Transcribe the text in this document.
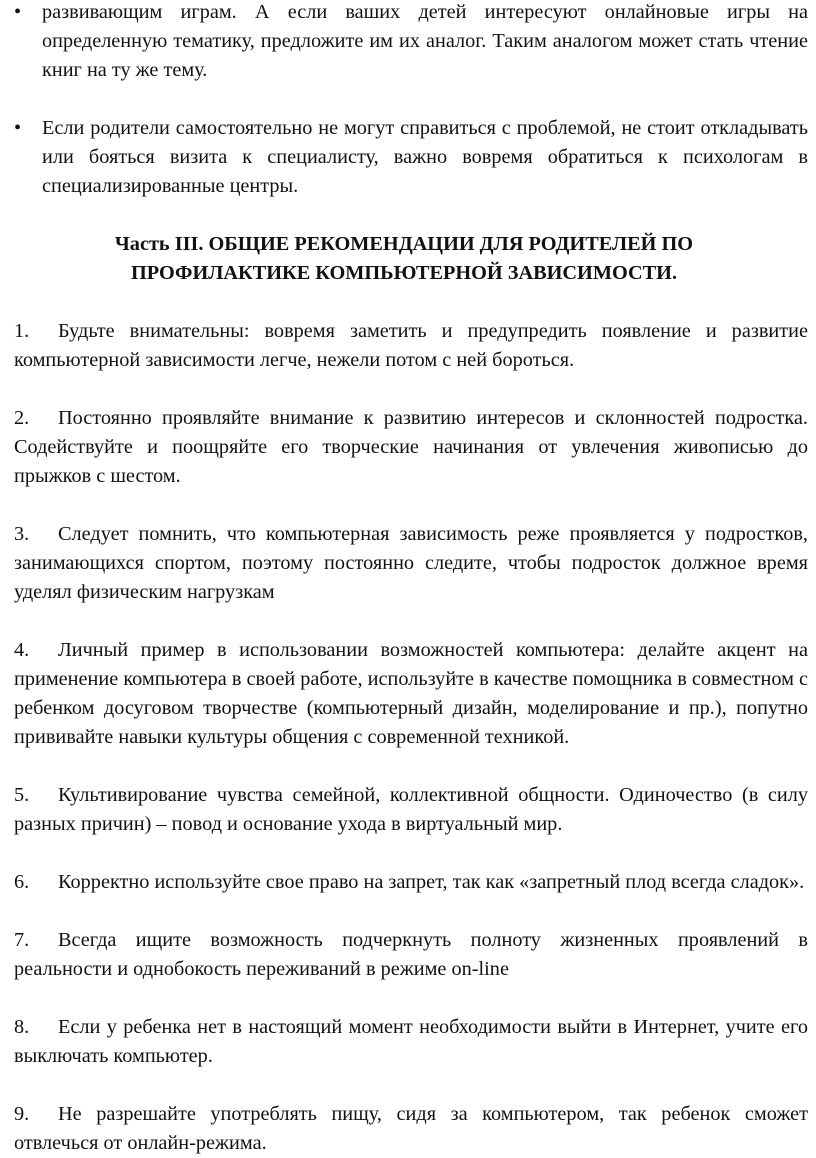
• развивающим играм. А если ваших детей интересуют онлайновые игры на определенную тематику, предложите им их аналог. Таким аналогом может стать чтение книг на ту же тему.
• Если родители самостоятельно не могут справиться с проблемой, не стоит откладывать или бояться визита к специалисту, важно вовремя обратиться к психологам в специализированные центры.
Часть III. ОБЩИЕ РЕКОМЕНДАЦИИ ДЛЯ РОДИТЕЛЕЙ ПО
ПРОФИЛАКТИКЕ КОМПЬЮТЕРНОЙ ЗАВИСИМОСТИ.
1. Будьте внимательны: вовремя заметить и предупредить появление и развитие компьютерной зависимости легче, нежели потом с ней бороться.
2. Постоянно проявляйте внимание к развитию интересов и склонностей подростка. Содействуйте и поощряйте его творческие начинания от увлечения живописью до прыжков с шестом.
3. Следует помнить, что компьютерная зависимость реже проявляется у подростков, занимающихся спортом, поэтому постоянно следите, чтобы подросток должное время уделял физическим нагрузкам
4. Личный пример в использовании возможностей компьютера: делайте акцент на применение компьютера в своей работе, используйте в качестве помощника в совместном с ребенком досуговом творчестве (компьютерный дизайн, моделирование и пр.), попутно прививайте навыки культуры общения с современной техникой.
5. Культивирование чувства семейной, коллективной общности. Одиночество (в силу разных причин) – повод и основание ухода в виртуальный мир.
6. Корректно используйте свое право на запрет, так как «запретный плод всегда сладок».
7. Всегда ищите возможность подчеркнуть полноту жизненных проявлений в реальности и однобокость переживаний в режиме on-line
8. Если у ребенка нет в настоящий момент необходимости выйти в Интернет, учите его выключать компьютер.
9. Не разрешайте употреблять пищу, сидя за компьютером, так ребенок сможет отвлечься от онлайн-режима.
